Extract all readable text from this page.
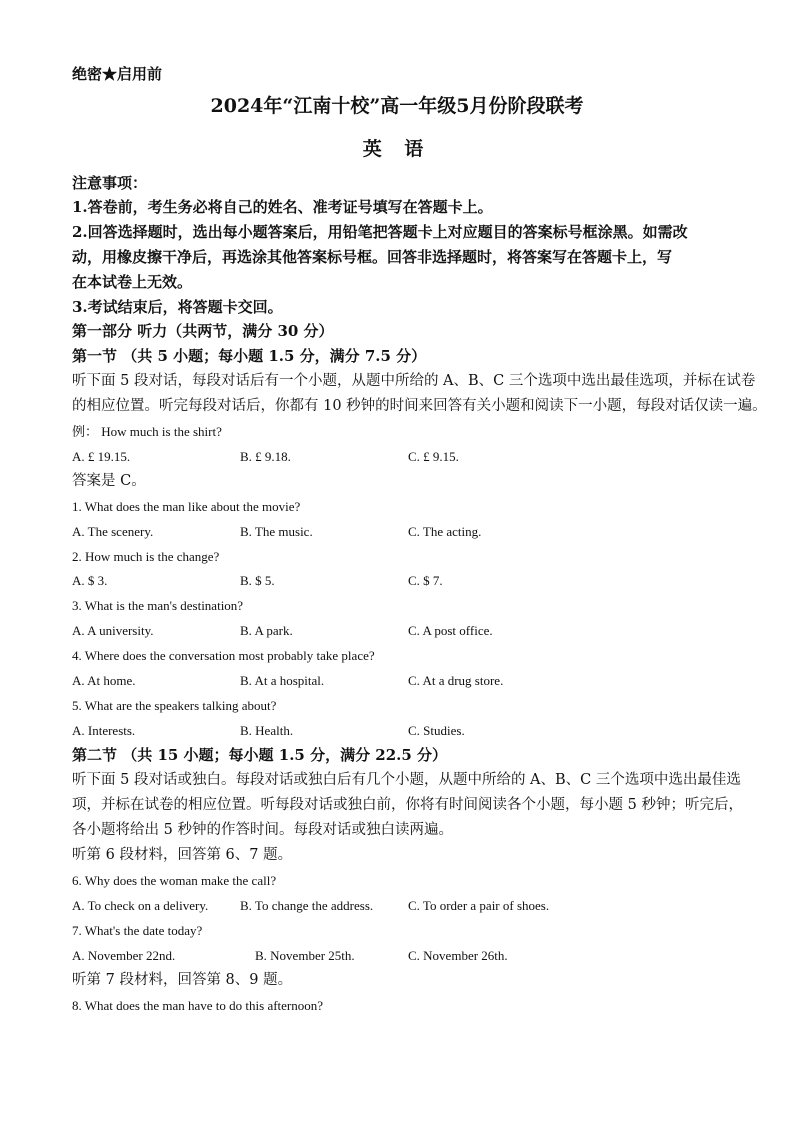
绝密★启用前
2024年“江南十校”高一年级5月份阶段联考
英 语
注意事项：
1.答卷前，考生务必将自己的姓名、准考证号填写在答题卡上。
2.回答选择题时，选出每小题答案后，用铅笔把答题卡上对应题目的答案标号框涂黑。如需改
动，用橡皮擦干净后，再选涂其他答案标号框。回答非选择题时，将答案写在答题卡上，写
在本试卷上无效。
3.考试结束后，将答题卡交回。
第一部分 听力（共两节，满分 30 分）
第一节 （共 5 小题；每小题 1.5 分，满分 7.5 分）
听下面 5 段对话，每段对话后有一个小题，从题中所给的 A、B、C 三个选项中选出最佳选项，并标在试卷
的相应位置。听完每段对话后，你都有 10 秒钟的时间来回答有关小题和阅读下一小题，每段对话仅读一遍。
例： How much is the shirt?
A. £ 19.15.	B. £ 9.18.	C. £ 9.15.
答案是 C。
1. What does the man like about the movie?
A. The scenery.	B. The music.	C. The acting.
2. How much is the change?
A. $ 3.	B. $ 5.	C. $ 7.
3. What is the man's destination?
A. A university.	B. A park.	C. A post office.
4. Where does the conversation most probably take place?
A. At home.	B. At a hospital.	C. At a drug store.
5. What are the speakers talking about?
A. Interests.	B. Health.	C. Studies.
第二节 （共 15 小题；每小题 1.5 分，满分 22.5 分）
听下面 5 段对话或独白。每段对话或独白后有几个小题，从题中所给的 A、B、C 三个选项中选出最佳选
项，并标在试卷的相应位置。听每段对话或独白前，你将有时间阅读各个小题，每小题 5 秒钟；听完后，
各小题将给出 5 秒钟的作答时间。每段对话或独白读两遍。
听第 6 段材料，回答第 6、7 题。
6. Why does the woman make the call?
A. To check on a delivery. B. To change the address.	C. To order a pair of shoes.
7. What's the date today?
A. November 22nd.	B. November 25th.	C. November 26th.
听第 7 段材料，回答第 8、9 题。
8. What does the man have to do this afternoon?
